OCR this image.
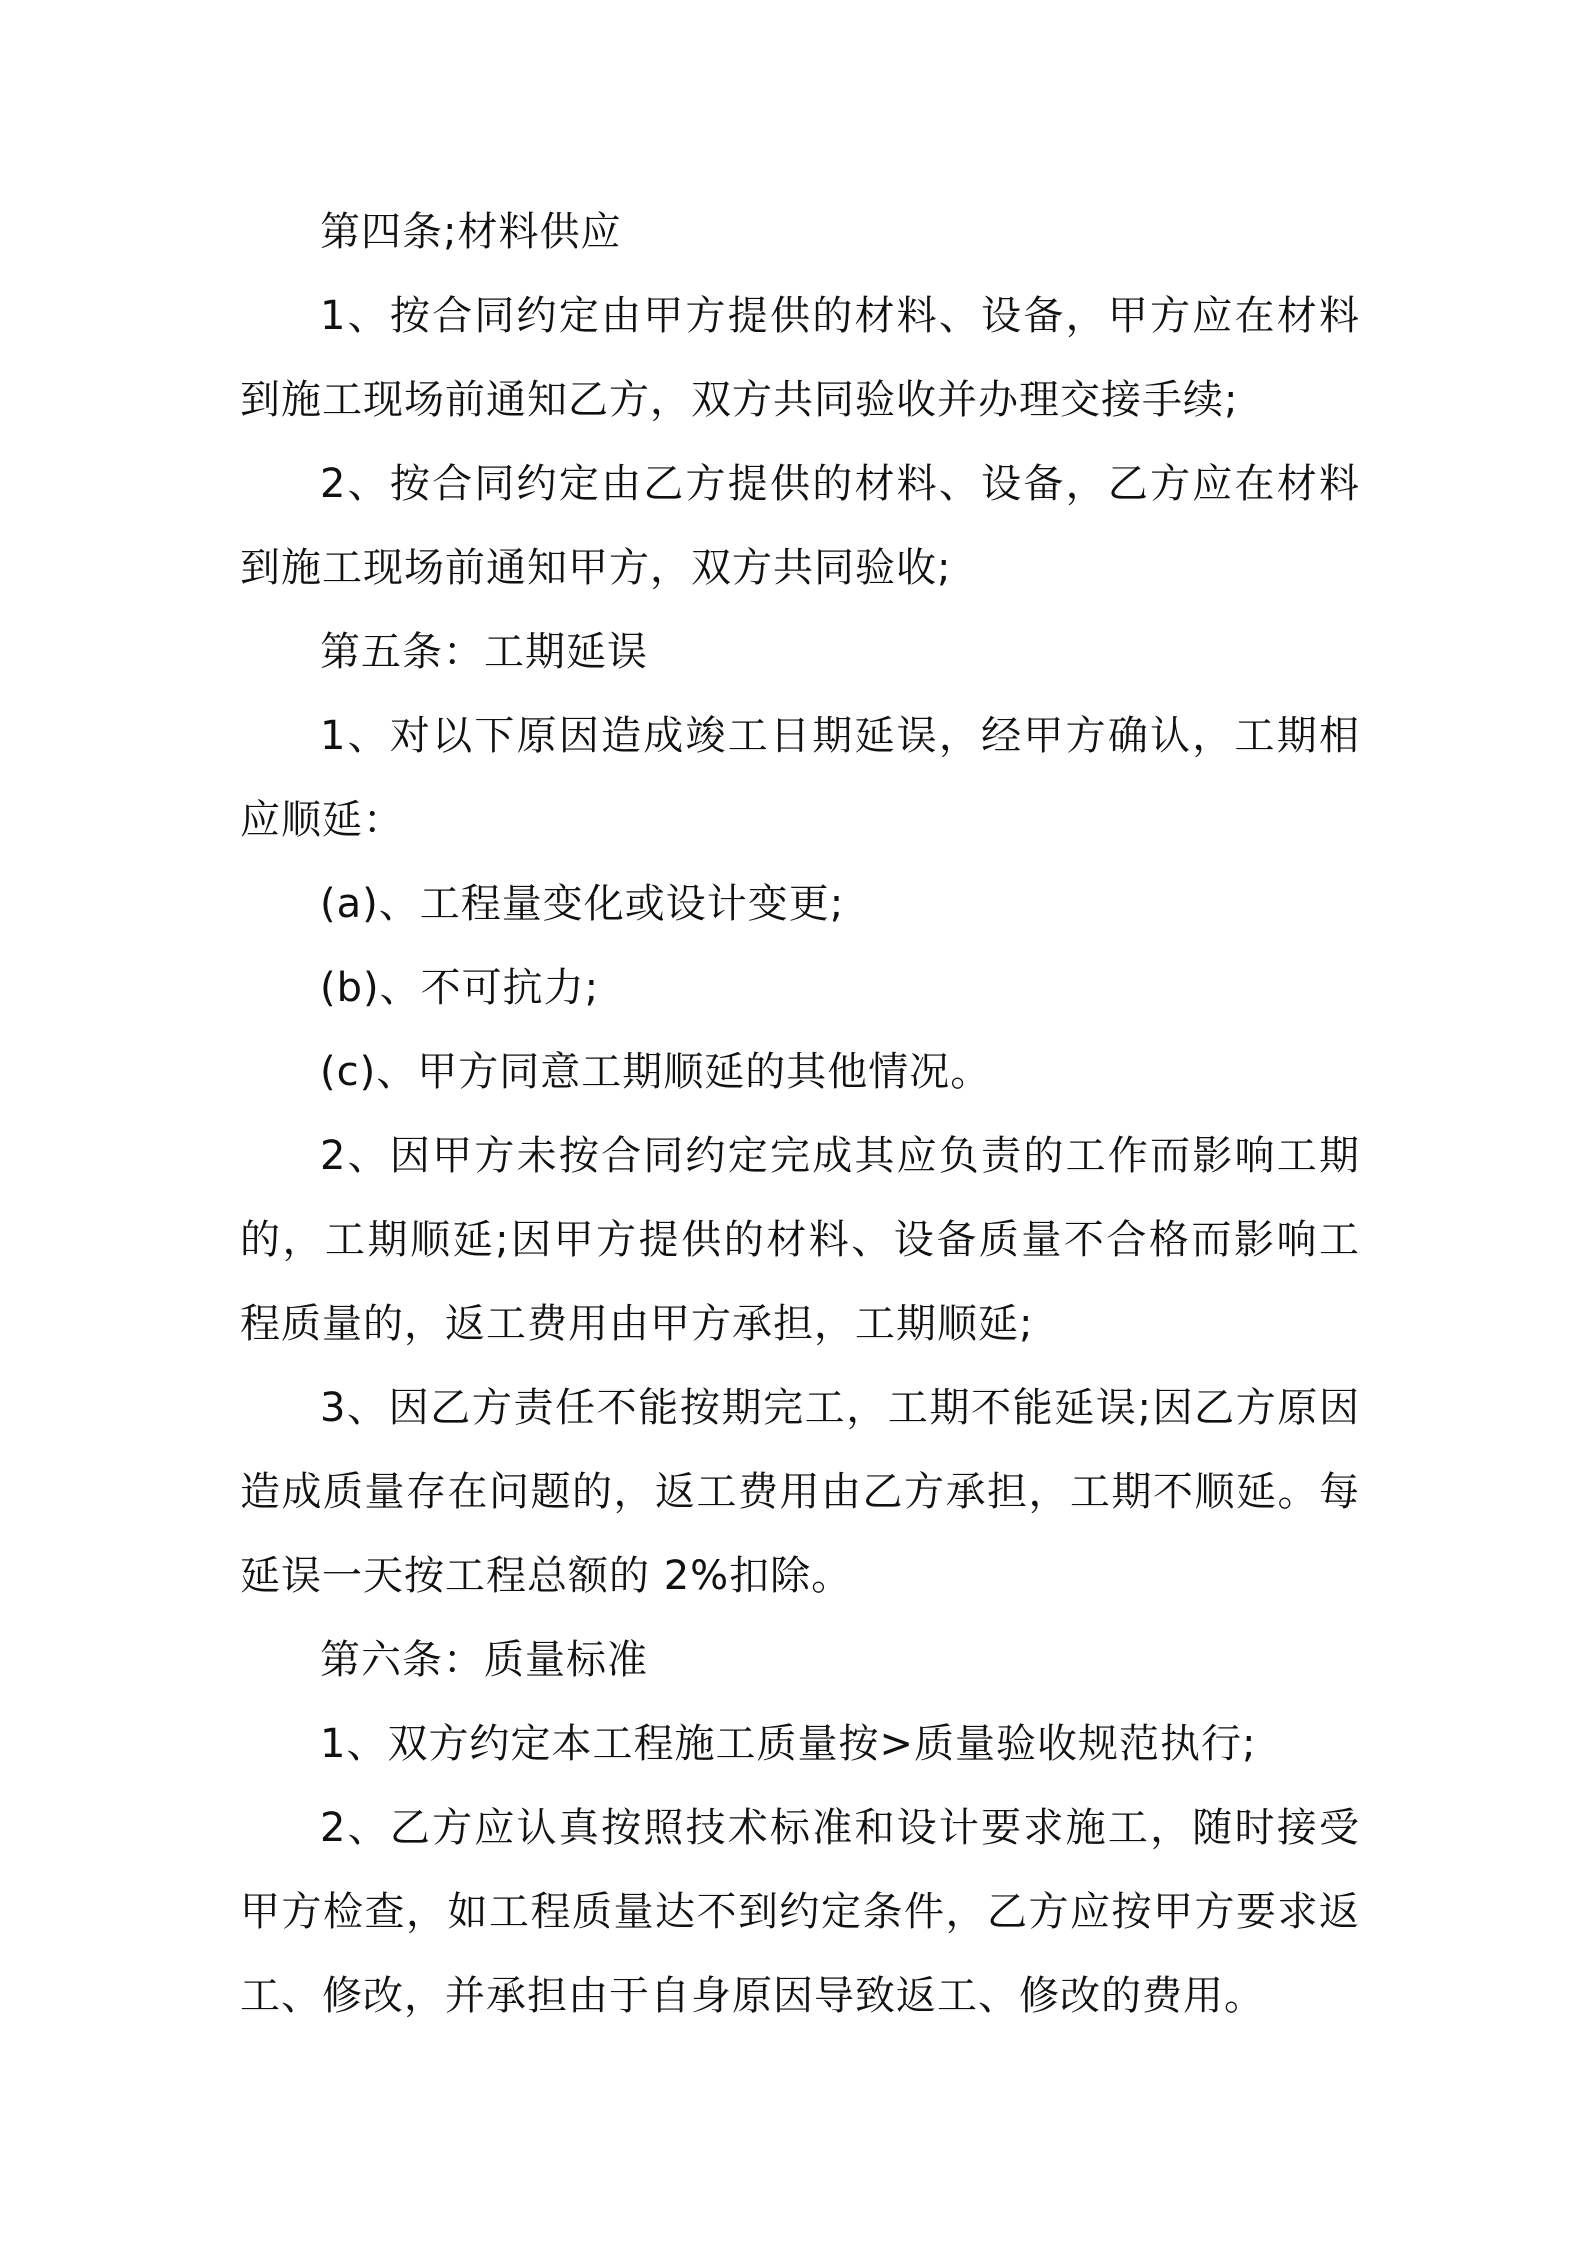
第四条;材料供应

1、按合同约定由甲方提供的材料、设备，甲方应在材料到施工现场前通知乙方，双方共同验收并办理交接手续;

2、按合同约定由乙方提供的材料、设备，乙方应在材料到施工现场前通知甲方，双方共同验收;

第五条：工期延误

1、对以下原因造成竣工日期延误，经甲方确认，工期相应顺延：

(a)、工程量变化或设计变更;

(b)、不可抗力;

(c)、甲方同意工期顺延的其他情况。

2、因甲方未按合同约定完成其应负责的工作而影响工期的，工期顺延;因甲方提供的材料、设备质量不合格而影响工程质量的，返工费用由甲方承担，工期顺延;

3、因乙方责任不能按期完工，工期不能延误;因乙方原因造成质量存在问题的，返工费用由乙方承担，工期不顺延。每延误一天按工程总额的 2%扣除。

第六条：质量标准

1、双方约定本工程施工质量按>质量验收规范执行;

2、乙方应认真按照技术标准和设计要求施工，随时接受甲方检查，如工程质量达不到约定条件，乙方应按甲方要求返工、修改，并承担由于自身原因导致返工、修改的费用。
